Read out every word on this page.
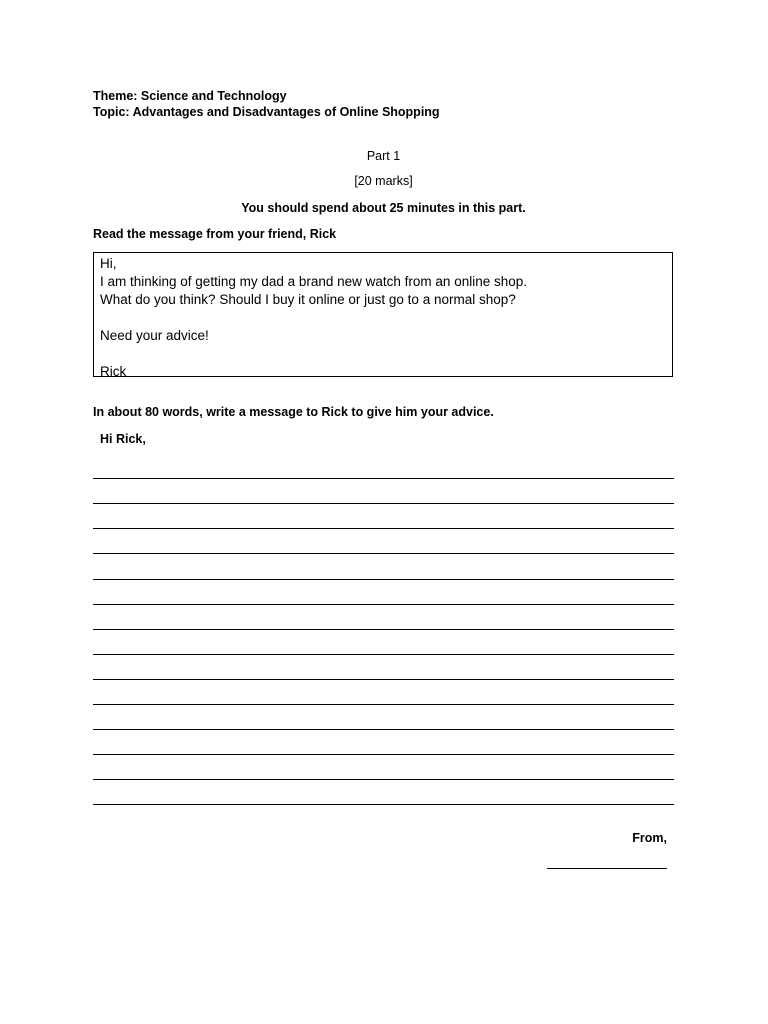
Theme: Science and Technology
Topic: Advantages and Disadvantages of Online Shopping
Part 1
[20 marks]
You should spend about 25 minutes in this part.
Read the message from your friend, Rick
Hi,
I am thinking of getting my dad a brand new watch from an online shop.
What do you think? Should I buy it online or just go to a normal shop?
Need your advice!
Rick
In about 80 words, write a message to Rick to give him your advice.
Hi Rick,
From,
